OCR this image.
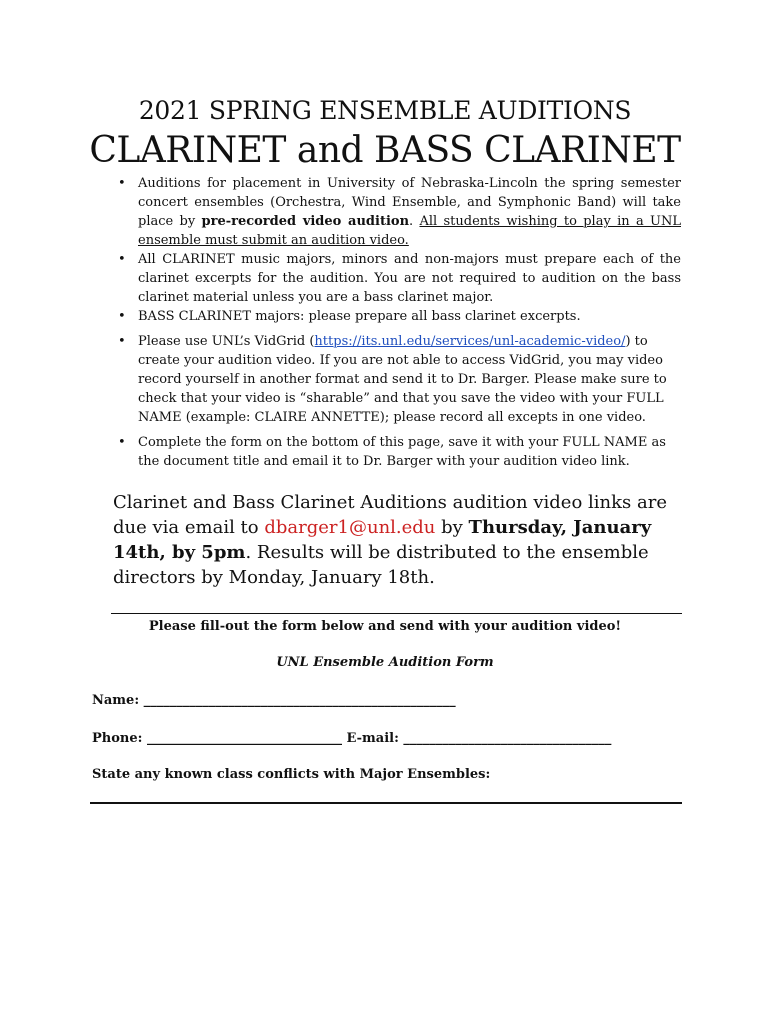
2021 SPRING ENSEMBLE AUDITIONS
CLARINET and BASS CLARINET
• Auditions for placement in University of Nebraska-Lincoln the spring semester concert ensembles (Orchestra, Wind Ensemble, and Symphonic Band) will take place by pre-recorded video audition. All students wishing to play in a UNL ensemble must submit an audition video.
• All CLARINET music majors, minors and non-majors must prepare each of the clarinet excerpts for the audition. You are not required to audition on the bass clarinet material unless you are a bass clarinet major.
• BASS CLARINET majors: please prepare all bass clarinet excerpts.
• Please use UNL’s VidGrid (https://its.unl.edu/services/unl-academic-video/) to create your audition video. If you are not able to access VidGrid, you may video record yourself in another format and send it to Dr. Barger. Please make sure to check that your video is “sharable” and that you save the video with your FULL NAME (example: CLAIRE ANNETTE); please record all excepts in one video.
• Complete the form on the bottom of this page, save it with your FULL NAME as the document title and email it to Dr. Barger with your audition video link.
Clarinet and Bass Clarinet Auditions audition video links are due via email to dbarger1@unl.edu by Thursday, January 14th, by 5pm. Results will be distributed to the ensemble directors by Monday, January 18th.
Please fill-out the form below and send with your audition video!
UNL Ensemble Audition Form
Name: ________________________________________________
Phone: ______________________________ E-mail: ________________________________
State any known class conflicts with Major Ensembles:
